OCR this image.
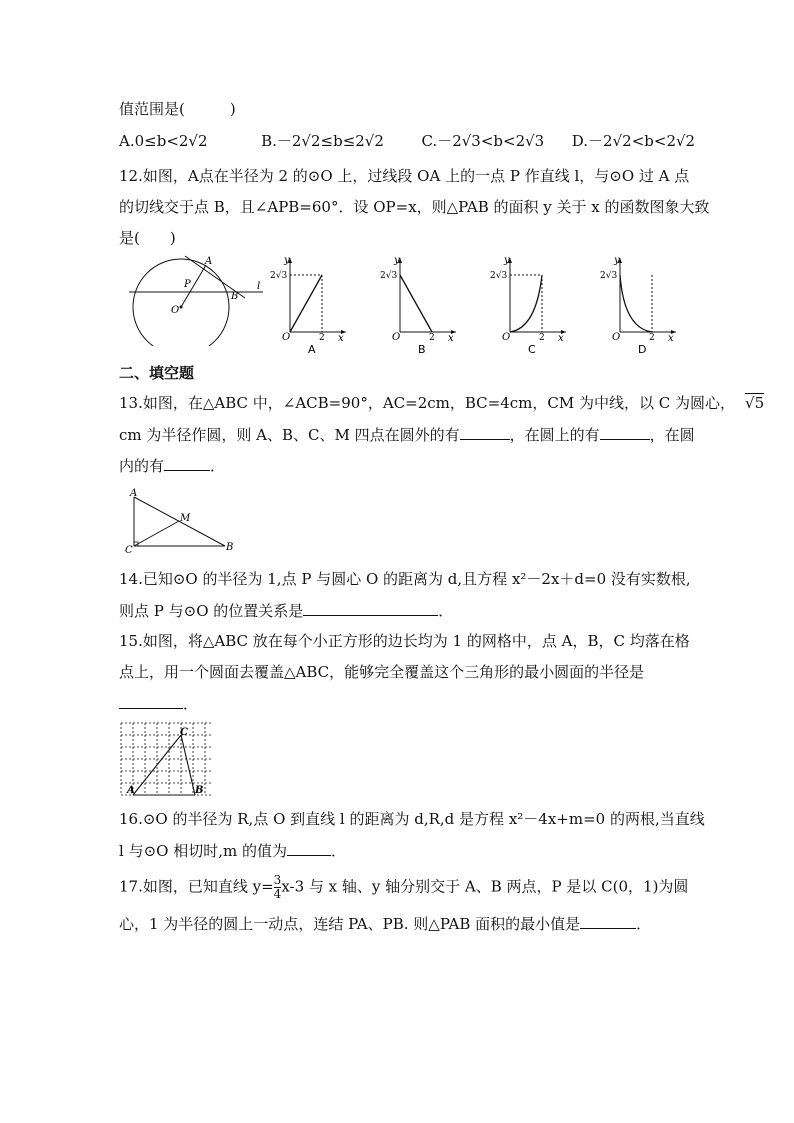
值范围是(　　　)
A.0≤b<2√2	B.－2√2≤b≤2√2	C.－2√3<b<2√3 D.－2√2<b<2√2
12.如图，A点在半径为 2 的⊙O 上，过线段 OA 上的一点 P 作直线 l，与⊙O 过 A 点
的切线交于点 B，且∠APB=60°．设 OP=x，则△PAB 的面积 y 关于 x 的函数图象大致
是(　　)
A
P
O
B
l
y
2√3
O	2 x
A
y
2√3
O	2 x
B
y
2√3
O	2 x
C
y
2√3
O	2 x
D
二、填空题
13.如图，在△ABC 中，∠ACB=90°，AC=2cm，BC=4cm，CM 为中线，以 C 为圆心， √5
cm 为半径作圆，则 A、B、C、M 四点在圆外的有	，在圆上的有	，在圆
内的有	．
A
M
C	B
14.已知⊙O 的半径为 1,点 P 与圆心 O 的距离为 d,且方程 x²－2x＋d=0 没有实数根,
则点 P 与⊙O 的位置关系是	．
15.如图，将△ABC 放在每个小正方形的边长均为 1 的网格中，点 A，B，C 均落在格
点上，用一个圆面去覆盖△ABC，能够完全覆盖这个三角形的最小圆面的半径是
．
A	B
C
16.⊙O 的半径为 R,点 O 到直线 l 的距离为 d,R,d 是方程 x²－4x+m=0 的两根,当直线
l 与⊙O 相切时,m 的值为	．
17.如图，已知直线 $y= \frac{3}{4} x-3$ 与 x 轴、y 轴分别交于 A、B 两点，P 是以 C(0，1)为圆
心，1 为半径的圆上一动点，连结 PA、PB. 则△PAB 面积的最小值是	．
